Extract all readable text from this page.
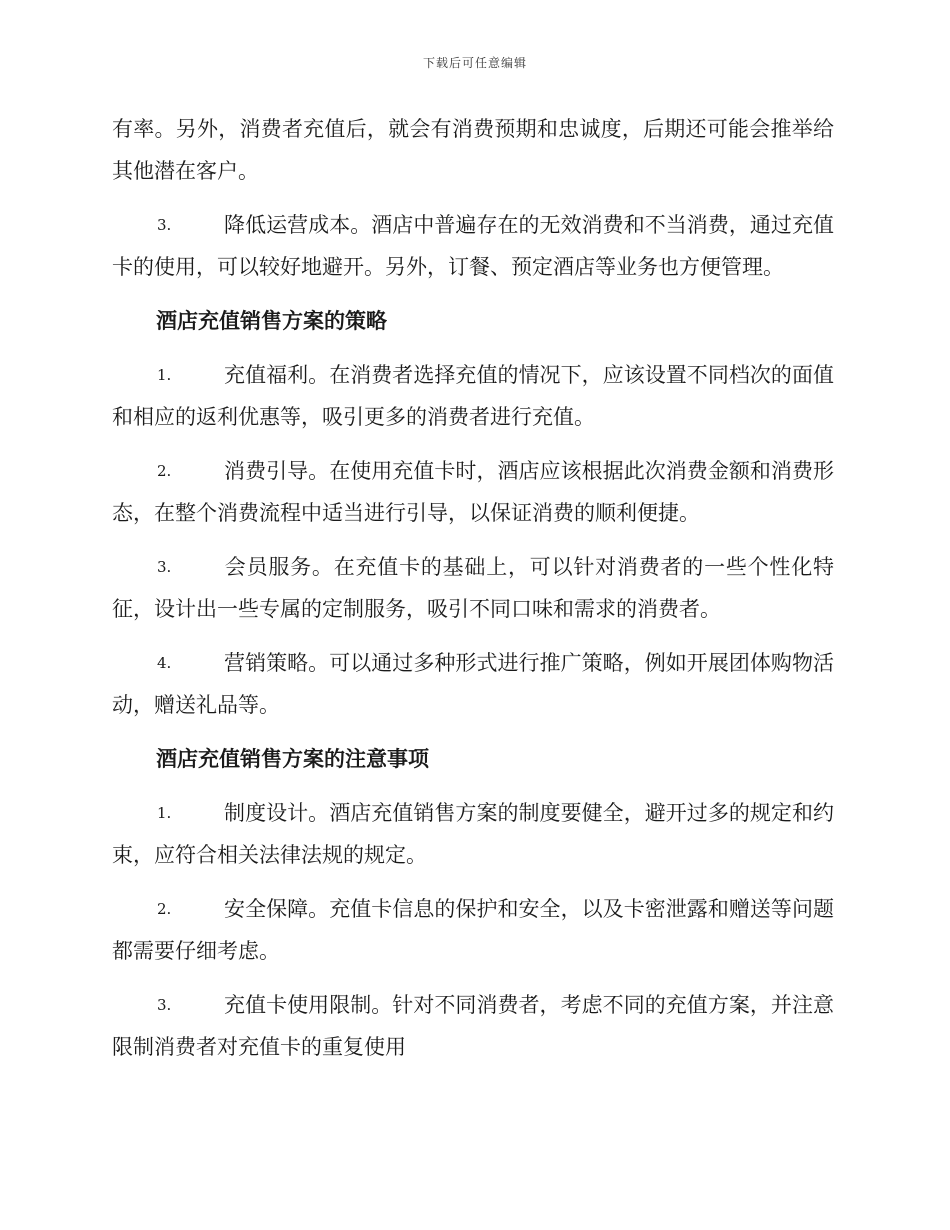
下载后可任意编辑

有率。另外，消费者充值后，就会有消费预期和忠诚度，后期还可能会推举给其他潜在客户。

3.	降低运营成本。酒店中普遍存在的无效消费和不当消费，通过充值卡的使用，可以较好地避开。另外，订餐、预定酒店等业务也方便管理。

酒店充值销售方案的策略

1.	充值福利。在消费者选择充值的情况下，应该设置不同档次的面值和相应的返利优惠等，吸引更多的消费者进行充值。

2.	消费引导。在使用充值卡时，酒店应该根据此次消费金额和消费形态，在整个消费流程中适当进行引导，以保证消费的顺利便捷。

3.	会员服务。在充值卡的基础上，可以针对消费者的一些个性化特征，设计出一些专属的定制服务，吸引不同口味和需求的消费者。

4.	营销策略。可以通过多种形式进行推广策略，例如开展团体购物活动，赠送礼品等。

酒店充值销售方案的注意事项

1.	制度设计。酒店充值销售方案的制度要健全，避开过多的规定和约束，应符合相关法律法规的规定。

2.	安全保障。充值卡信息的保护和安全，以及卡密泄露和赠送等问题都需要仔细考虑。

3.	充值卡使用限制。针对不同消费者，考虑不同的充值方案，并注意限制消费者对充值卡的重复使用
